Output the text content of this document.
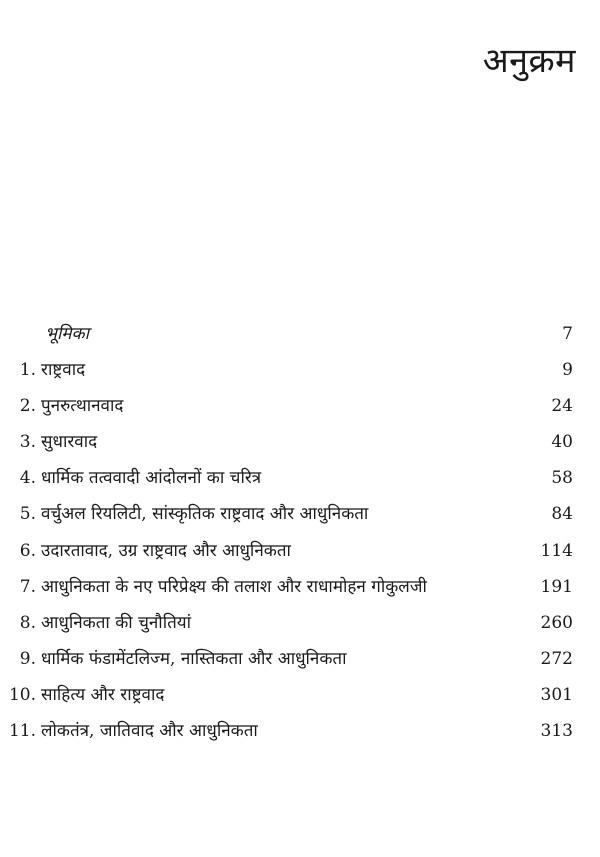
अनुक्रम
भूमिका	7
1. राष्ट्रवाद	9
2. पुनरुत्थानवाद	24
3. सुधारवाद	40
4. धार्मिक तत्ववादी आंदोलनों का चरित्र	58
5. वर्चुअल रियलिटी, सांस्कृतिक राष्ट्रवाद और आधुनिकता	84
6. उदारतावाद, उग्र राष्ट्रवाद और आधुनिकता	114
7. आधुनिकता के नए परिप्रेक्ष्य की तलाश और राधामोहन गोकुलजी	191
8. आधुनिकता की चुनौतियां	260
9. धार्मिक फंडामेंटलिज्म, नास्तिकता और आधुनिकता	272
10. साहित्य और राष्ट्रवाद	301
11. लोकतंत्र, जातिवाद और आधुनिकता	313
